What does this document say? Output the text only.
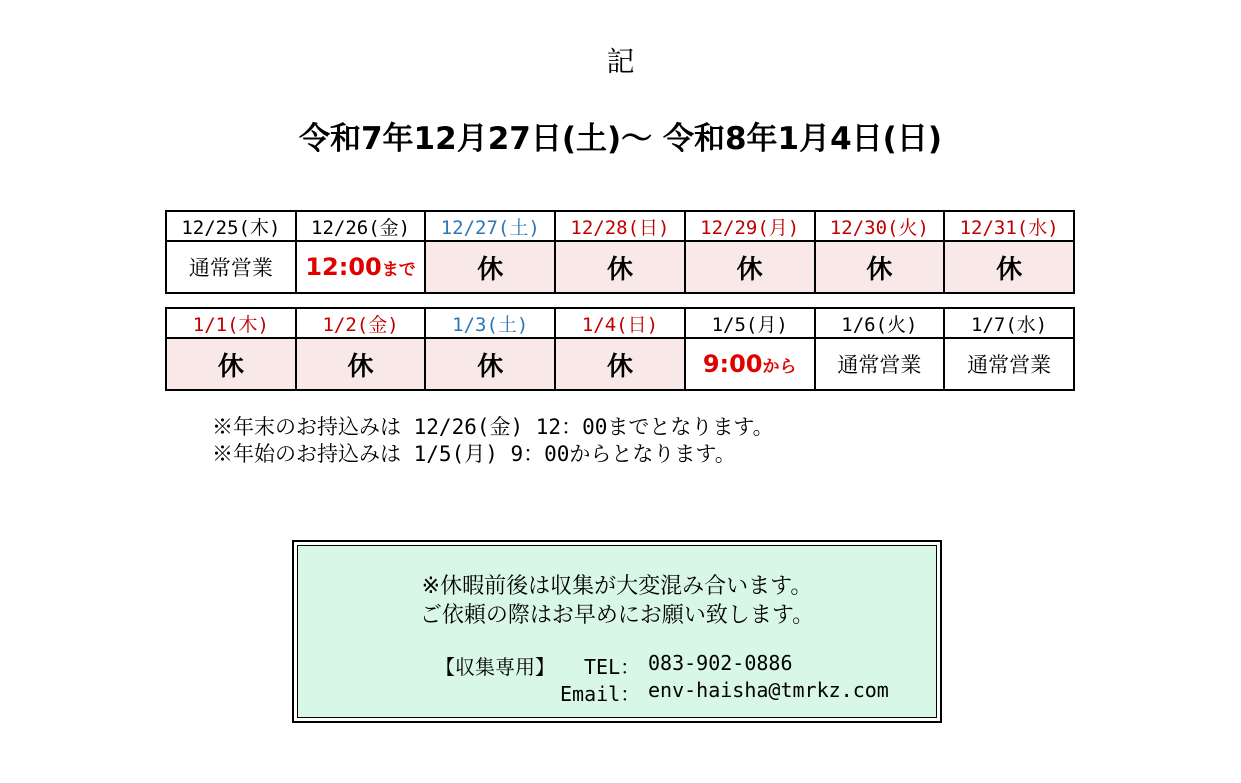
記
令和7年12月27日(土)～ 令和8年1月4日(日)
12/25(木)	12/26(金)	12/27(土)	12/28(日)	12/29(月)	12/30(火)	12/31(水)
通常営業	12:00まで	休	休	休	休	休
1/1(木)	1/2(金)	1/3(土)	1/4(日)	1/5(月)	1/6(火)	1/7(水)
休	休	休	休	9:00から	通常営業	通常営業
※年末のお持込みは 12/26(金) 12：00までとなります。
※年始のお持込みは 1/5(月) 9：00からとなります。
※休暇前後は収集が大変混み合います。
ご依頼の際はお早めにお願い致します。
【収集専用】 TEL： 083-902-0886
Email： env-haisha@tmrkz.com
